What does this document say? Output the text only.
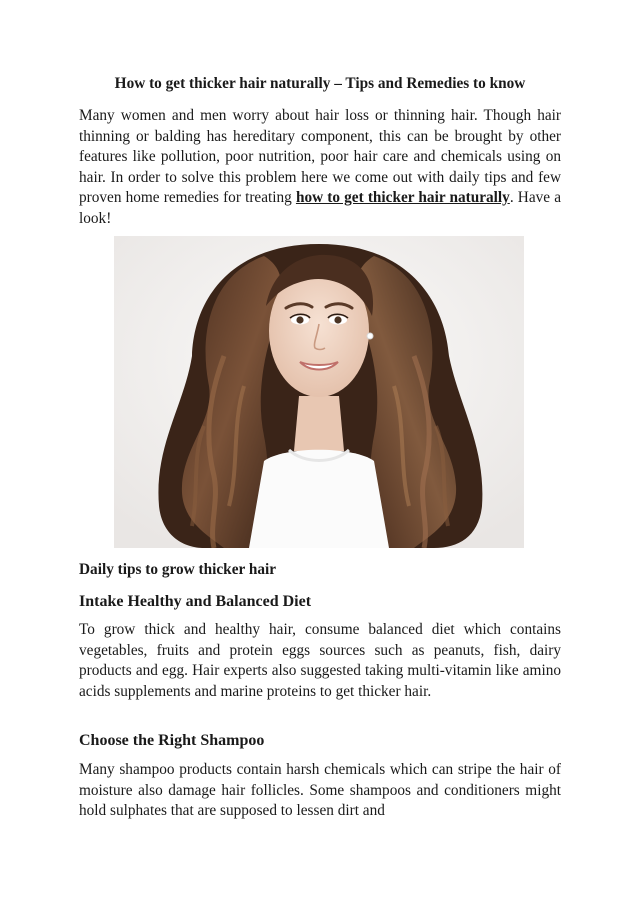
How to get thicker hair naturally – Tips and Remedies to know

Many women and men worry about hair loss or thinning hair. Though hair thinning or balding has hereditary component, this can be brought by other features like pollution, poor nutrition, poor hair care and chemicals using on hair. In order to solve this problem here we come out with daily tips and few proven home remedies for treating how to get thicker hair naturally. Have a look!

Daily tips to grow thicker hair
Intake Healthy and Balanced Diet

To grow thick and healthy hair, consume balanced diet which contains vegetables, fruits and protein eggs sources such as peanuts, fish, dairy products and egg. Hair experts also suggested taking multi-vitamin like amino acids supplements and marine proteins to get thicker hair.

Choose the Right Shampoo

Many shampoo products contain harsh chemicals which can stripe the hair of moisture also damage hair follicles. Some shampoos and conditioners might hold sulphates that are supposed to lessen dirt and
